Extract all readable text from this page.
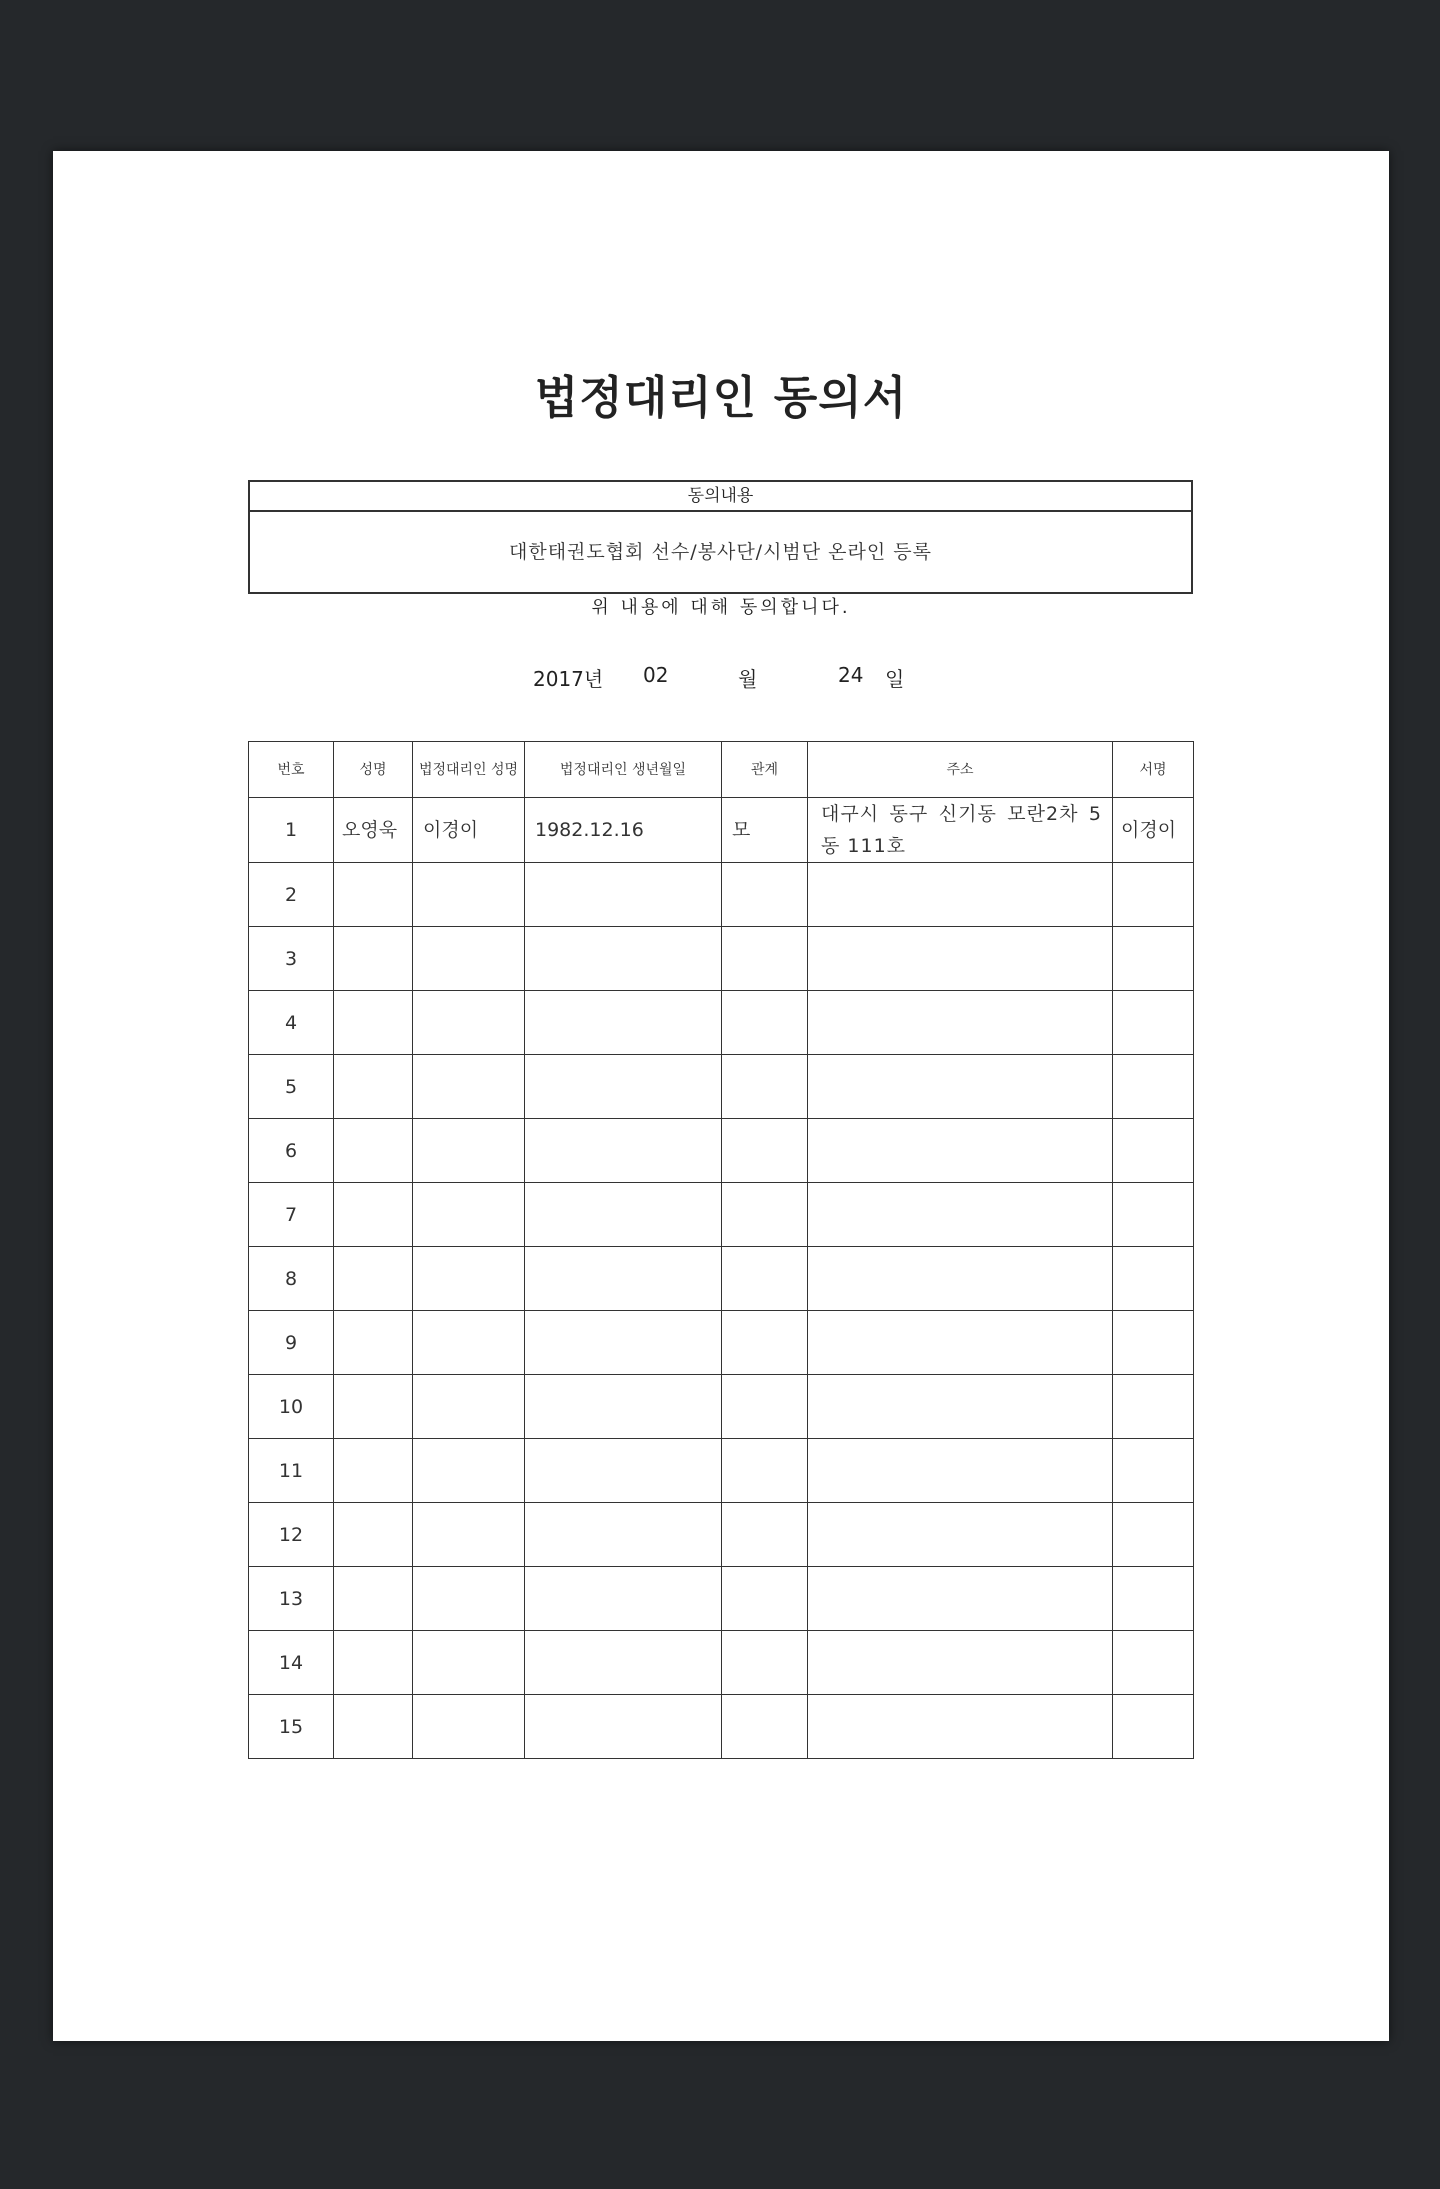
법정대리인 동의서
동의내용
대한태권도협회 선수/봉사단/시범단 온라인 등록
위 내용에 대해 동의합니다.
2017년 02	월	24 일
번호	성명	법정대리인 성명	법정대리인 생년월일	관계	주소	서명
1	오영욱	이경이	1982.12.16	모	대구시 동구 신기동 모란2차 5동 111호	이경이
2						
3						
4						
5						
6						
7						
8						
9						
10						
11						
12						
13						
14						
15						
